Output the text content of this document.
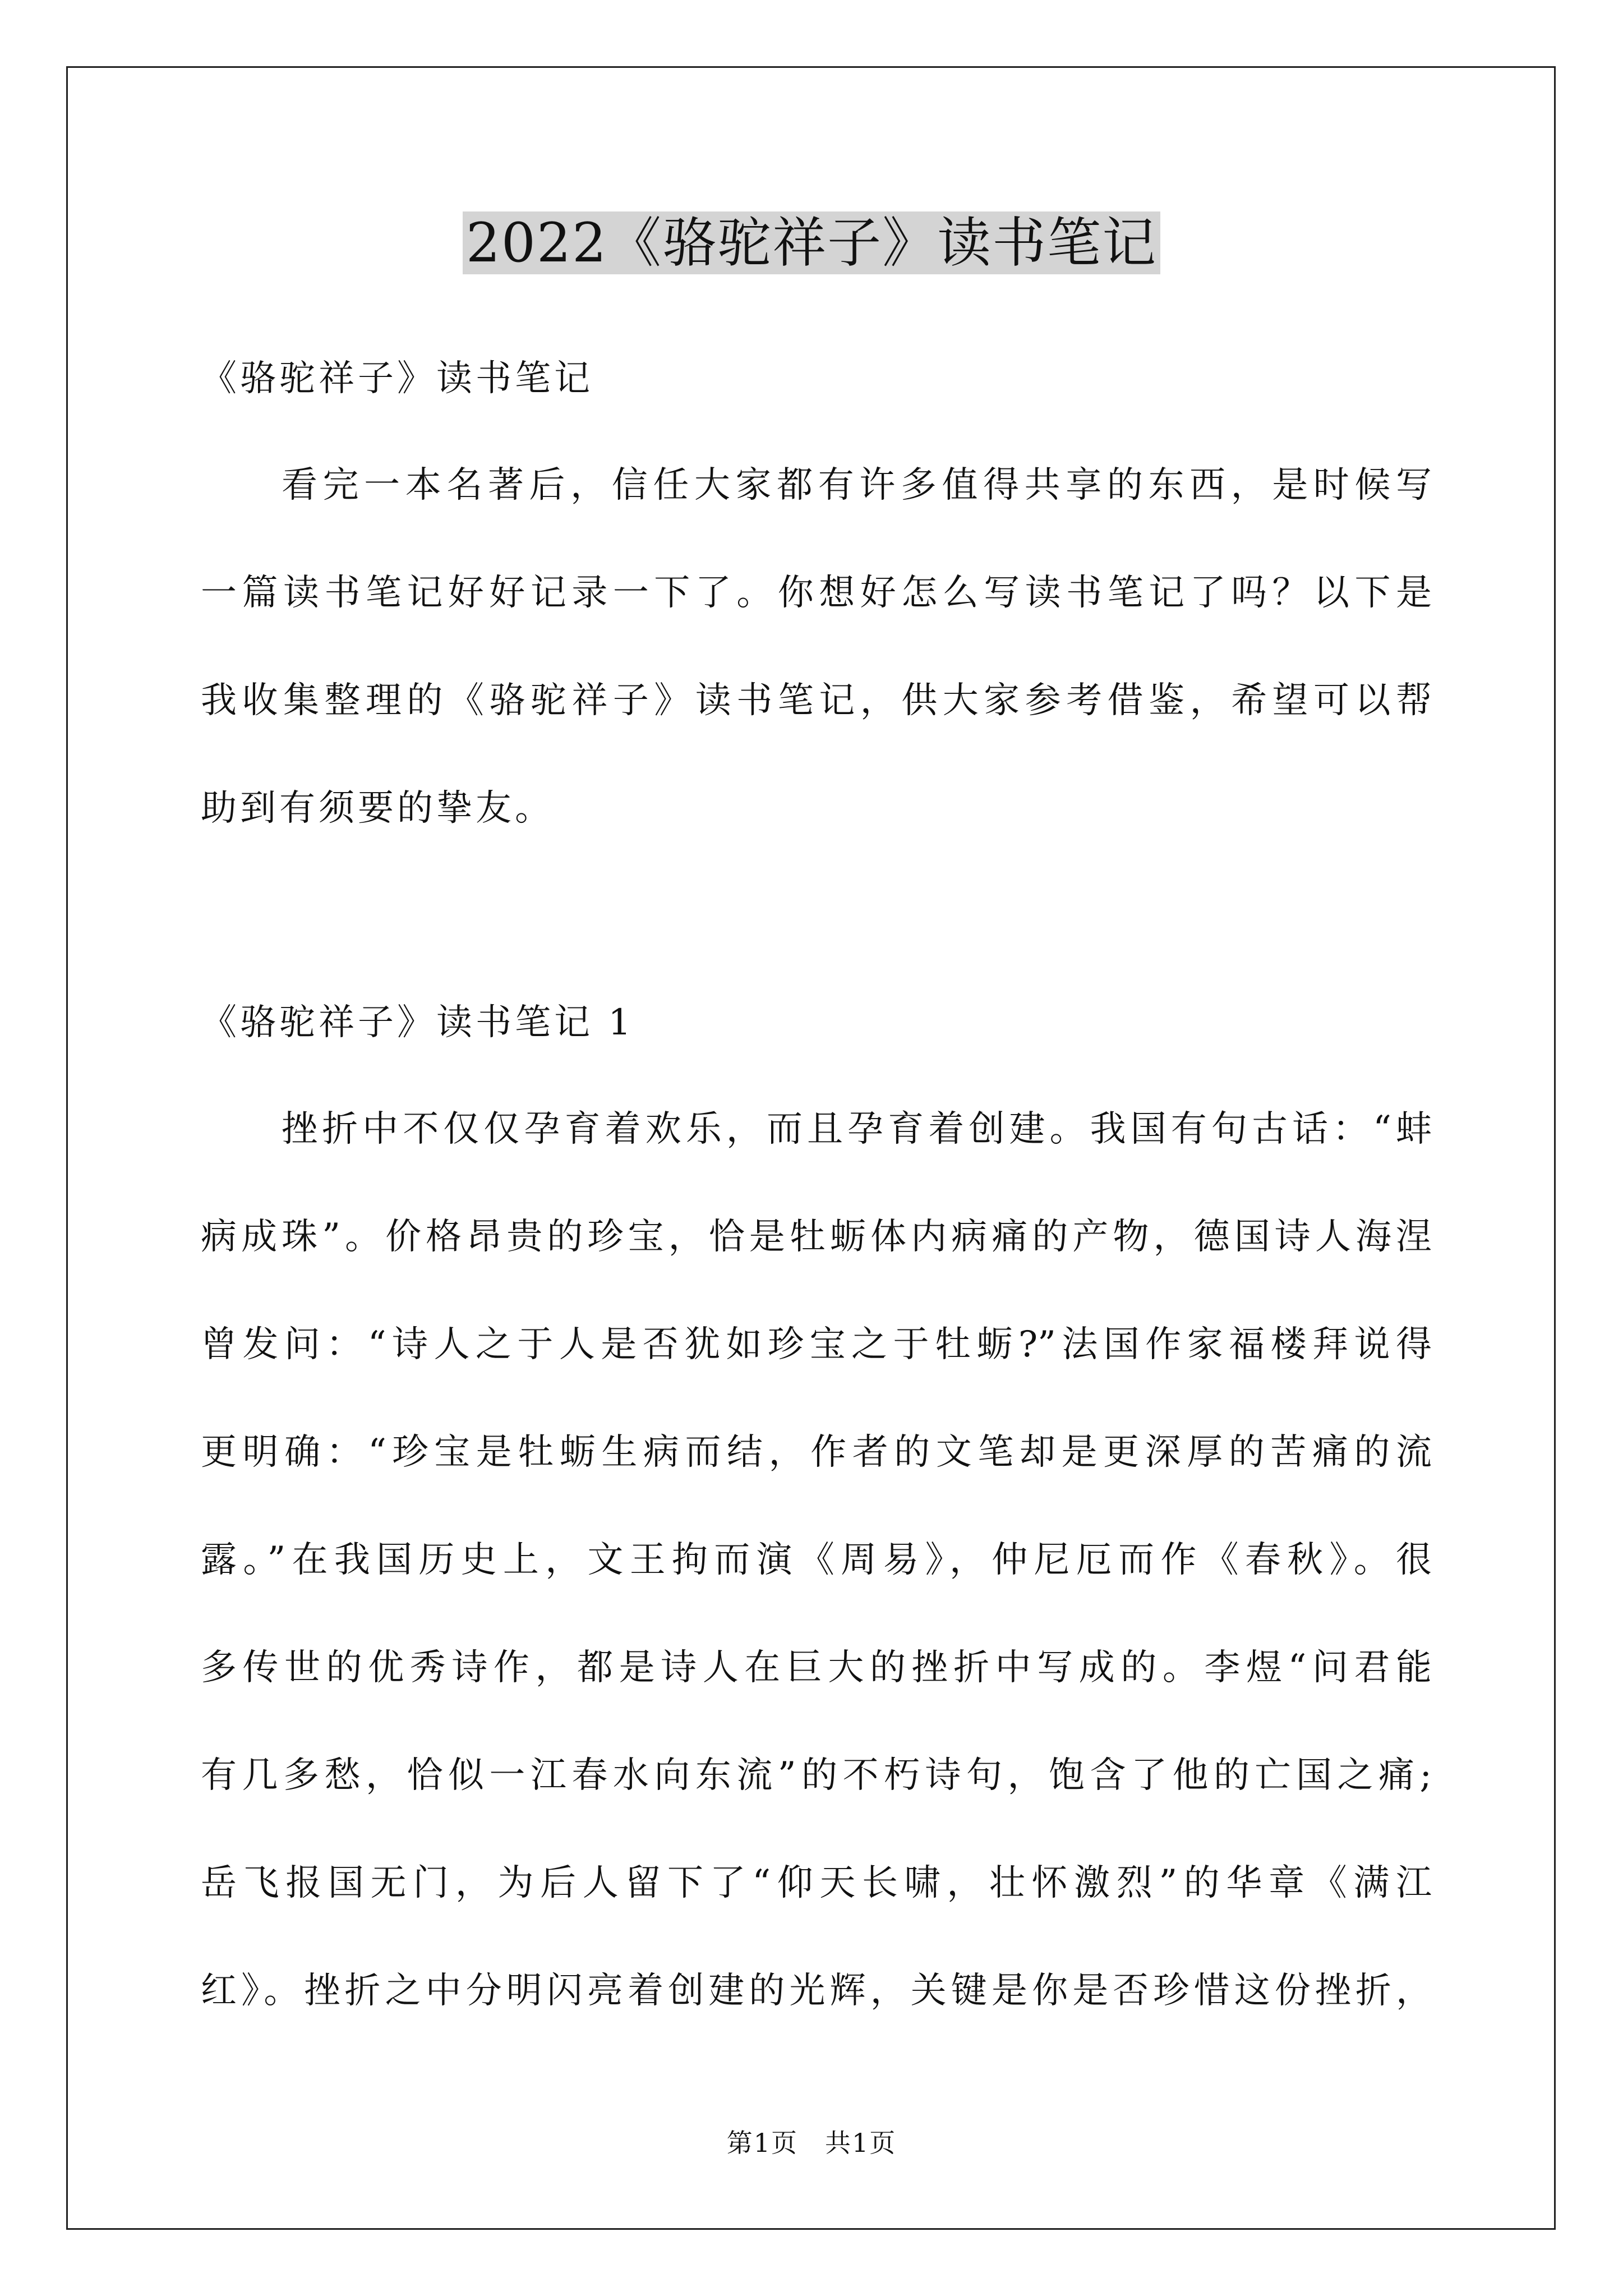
2022《骆驼祥子》读书笔记
《骆驼祥子》读书笔记
看完一本名著后，信任大家都有许多值得共享的东西，是时候写
一篇读书笔记好好记录一下了。你想好怎么写读书笔记了吗？以下是
我收集整理的《骆驼祥子》读书笔记，供大家参考借鉴，希望可以帮
助到有须要的挚友。
《骆驼祥子》读书笔记 1
挫折中不仅仅孕育着欢乐，而且孕育着创建。我国有句古话：“蚌
病成珠”。价格昂贵的珍宝，恰是牡蛎体内病痛的产物，德国诗人海涅
曾发问：“诗人之于人是否犹如珍宝之于牡蛎?”法国作家福楼拜说得
更明确：“珍宝是牡蛎生病而结，作者的文笔却是更深厚的苦痛的流
露。”在我国历史上，文王拘而演《周易》，仲尼厄而作《春秋》。很
多传世的优秀诗作，都是诗人在巨大的挫折中写成的。李煜“问君能
有几多愁，恰似一江春水向东流”的不朽诗句，饱含了他的亡国之痛;
岳飞报国无门，为后人留下了“仰天长啸，壮怀激烈”的华章《满江
红》。挫折之中分明闪亮着创建的光辉，关键是你是否珍惜这份挫折，
第1页　共1页
